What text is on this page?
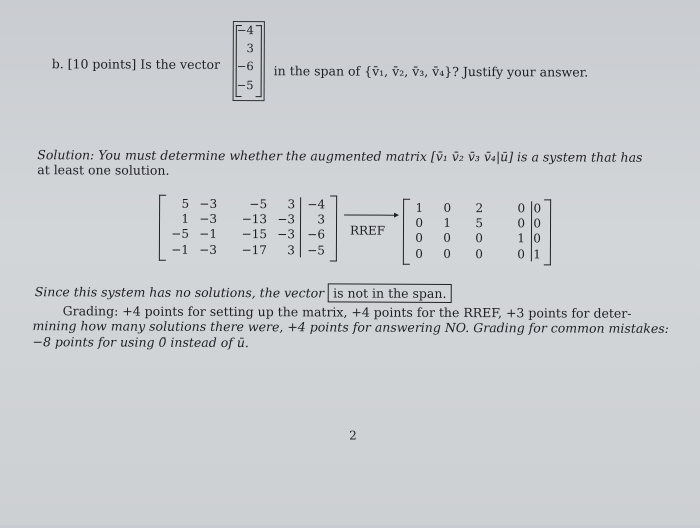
b. [10 points] Is the vector
−4
3
−6
−5
in the span of {v̄₁, v̄₂, v̄₃, v̄₄}? Justify your answer.
Solution: You must determine whether the augmented matrix [v̄₁ v̄₂ v̄₃ v̄₄|ū] is a system that has
at least one solution.
5 −3	−5 3 −4
1 −3 −13 −3 3
−5 −1 −15 −3 −6
−1 −3 −17 3 −5
▸
RREF
1 0 2	0 0
0 1 5	0 0
0 0 0	1 0
0 0 0	0 1
Since this system has no solutions, the vector is not in the span.
Grading: +4 points for setting up the matrix, +4 points for the RREF, +3 points for deter-
mining how many solutions there were, +4 points for answering NO. Grading for common mistakes:
−8 points for using 0̄ instead of ū.
2
